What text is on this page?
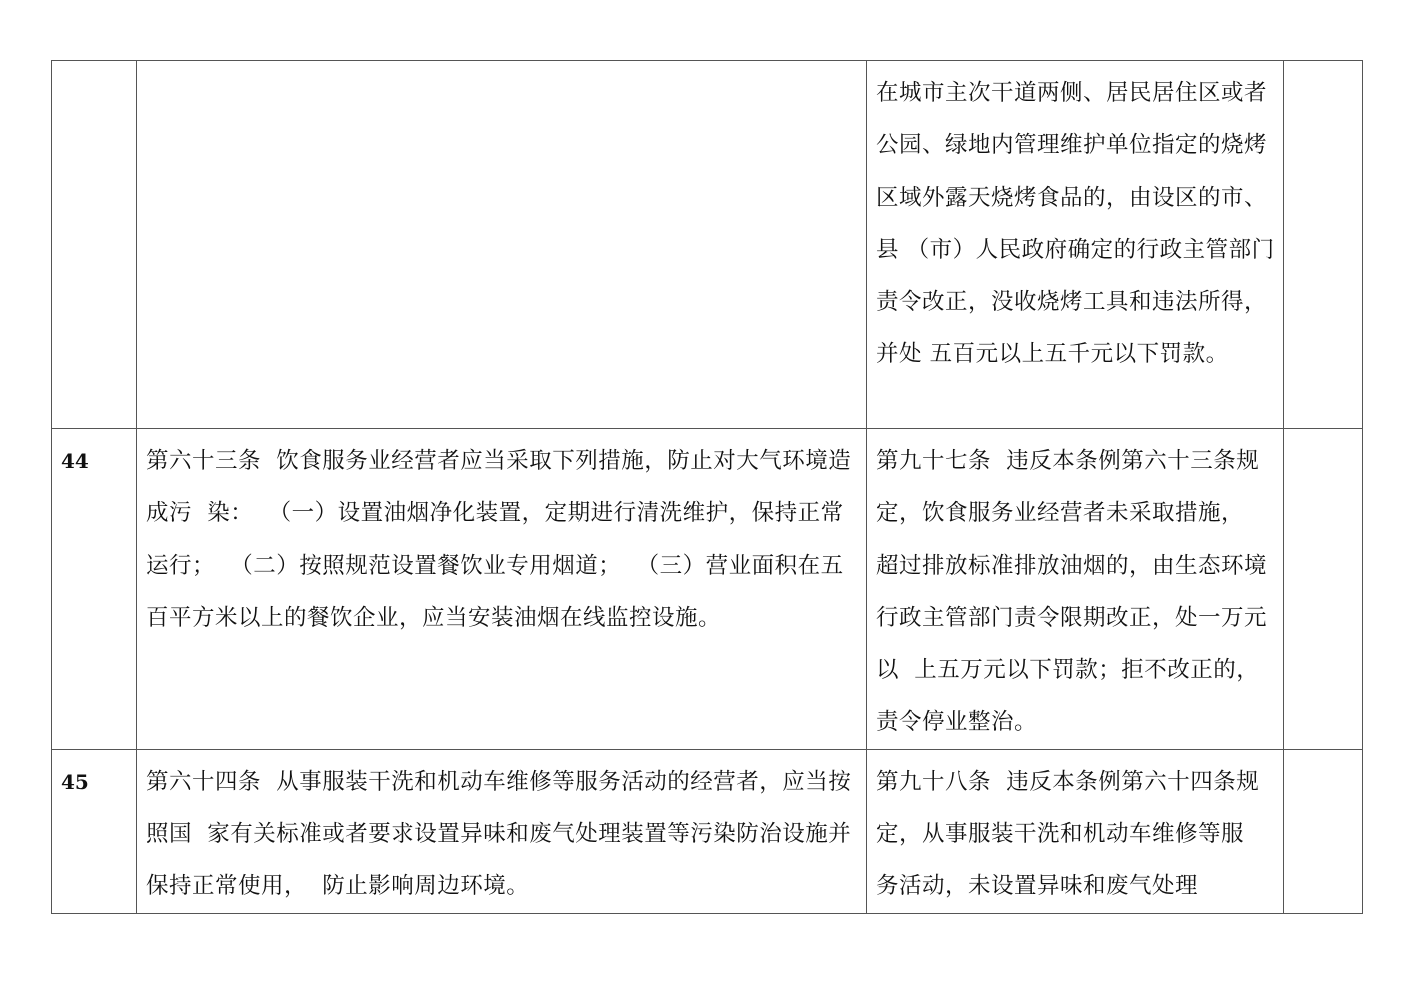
		在城市主次干道两侧、居民居住区或者 公园、绿地内管理维护单位指定的烧烤区域外露天烧烤食品的，由设区的市、县 （市）人民政府确定的行政主管部门责令改正，没收烧烤工具和违法所得，并处 五百元以上五千元以下罚款。	
44	第六十三条  饮食服务业经营者应当采取下列措施，防止对大气环境造成污  染：  （一）设置油烟净化装置，定期进行清洗维护，保持正常运行；  （二）按照规范设置餐饮业专用烟道；  （三）营业面积在五百平方米以上的餐饮企业，应当安装油烟在线监控设施。	第九十七条  违反本条例第六十三条规定，饮食服务业经营者未采取措施，  超过排放标准排放油烟的，由生态环境行政主管部门责令限期改正，处一万元以  上五万元以下罚款；拒不改正的，责令停业整治。	
45	第六十四条  从事服装干洗和机动车维修等服务活动的经营者，应当按照国  家有关标准或者要求设置异味和废气处理装置等污染防治设施并保持正常使用，  防止影响周边环境。	第九十八条  违反本条例第六十四条规定，从事服装干洗和机动车维修等服  务活动，未设置异味和废气处理	
